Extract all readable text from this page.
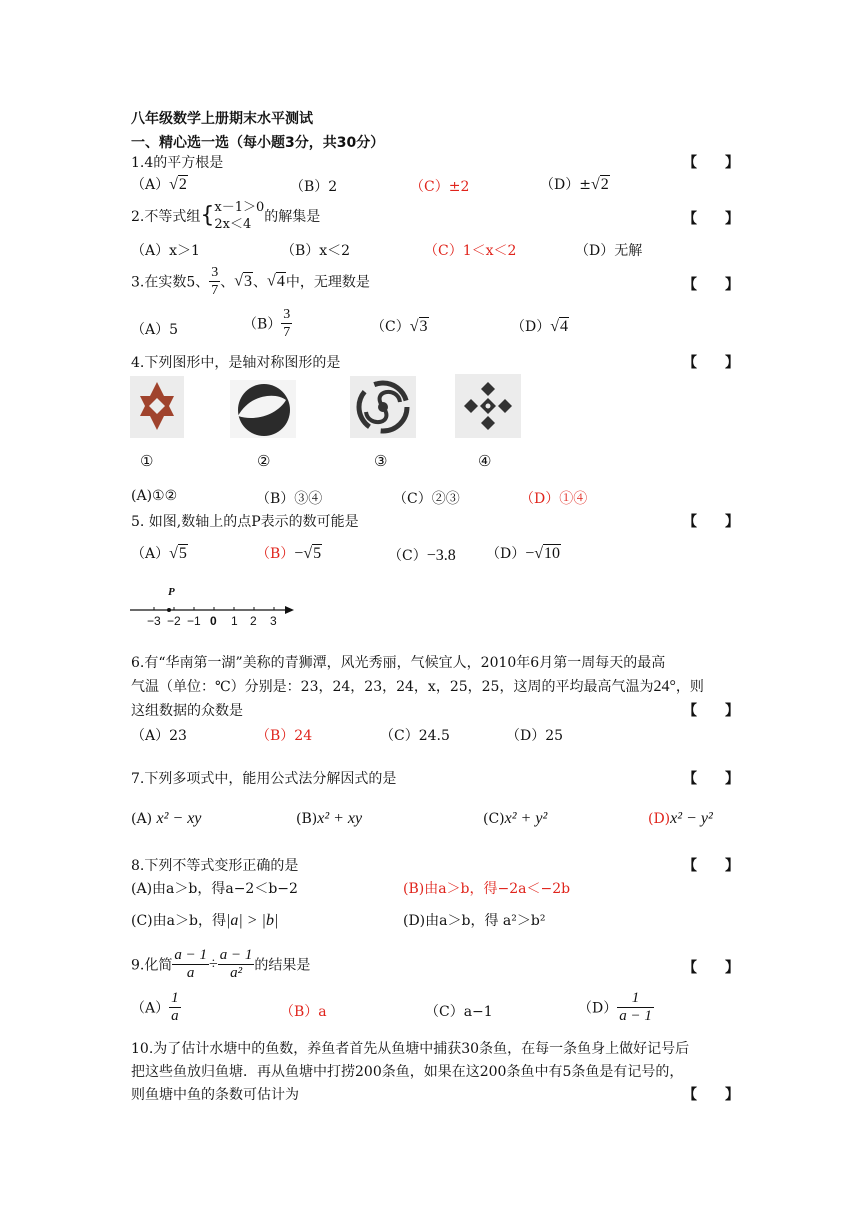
八年级数学上册期末水平测试
一、精心选一选（每小题3分，共30分）
1.4的平方根是	【　　】
（A）√2	（B）2	（C）±2	（D）±√2
2.不等式组{ x－1＞0
2x＜4 的解集是	【　　】
（A）x＞1	（B）x＜2	（C）1＜x＜2	（D）无解
3.在实数5、 $\frac{3}{7}$ 、√3、√4中，无理数是	【　　】
（A）5	$(B) \frac{3}{7}$	（C）√3	（D）√4
4.下列图形中，是轴对称图形的是	【　　】
①	②	③	④
(A)①②	（B）③④	（C）②③	（D）①④
5. 如图,数轴上的点P表示的数可能是	【　　】
（A）√5	（B）−√5	（C）−3.8 （D）−√10
P
−3 −2 −1 0 1 2 3
6.有“华南第一湖”美称的青狮潭，风光秀丽，气候宜人，2010年6月第一周每天的最高
气温（单位：℃）分别是：23，24，23，24，x，25，25，这周的平均最高气温为24°，则
这组数据的众数是	【　　】
（A）23	（B）24	（C）24.5	（D）25
7.下列多项式中，能用公式法分解因式的是	【　　】
(A) x² − xy	(B)x² + xy	(C)x² + y²	(D)x² − y²
8.下列不等式变形正确的是	【　　】
(A)由a＞b，得a−2＜b−2	(B)由a＞b，得−2a＜−2b
(C)由a＞b，得|a| > |b|	(D)由a＞b，得 a²＞b²
9.化简 $\frac{a - 1}{a} \div \frac{a - 1}{\text{a²}}$ 的结果是	【　　】
$(A) \frac{1}{a}$	（B）a	（C）a−1	$(D) \frac{1}{a - 1}$
10.为了估计水塘中的鱼数，养鱼者首先从鱼塘中捕获30条鱼，在每一条鱼身上做好记号后
把这些鱼放归鱼塘．再从鱼塘中打捞200条鱼，如果在这200条鱼中有5条鱼是有记号的，
则鱼塘中鱼的条数可估计为	【　　】
